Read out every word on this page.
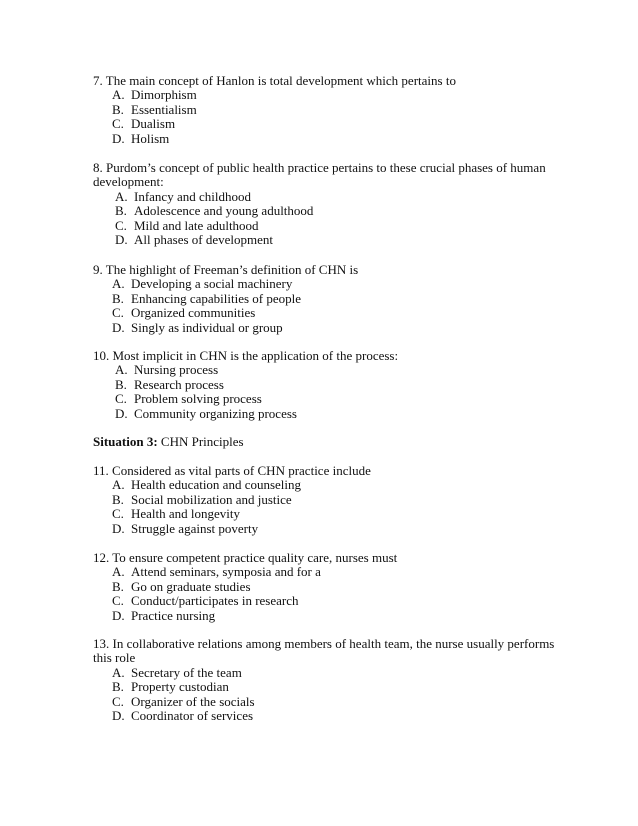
7. The main concept of Hanlon is total development which pertains to

A. Dimorphism
B. Essentialism
C. Dualism
D. Holism

8. Purdom’s concept of public health practice pertains to these crucial phases of human development:

A. Infancy and childhood
B. Adolescence and young adulthood
C. Mild and late adulthood
D. All phases of development

9. The highlight of Freeman’s definition of CHN is

A. Developing a social machinery
B. Enhancing capabilities of people
C. Organized communities
D. Singly as individual or group

10. Most implicit in CHN is the application of the process:

A. Nursing process
B. Research process
C. Problem solving process
D. Community organizing process
Situation 3: CHN Principles

11. Considered as vital parts of CHN practice include

A. Health education and counseling
B. Social mobilization and justice
C. Health and longevity
D. Struggle against poverty

12. To ensure competent practice quality care, nurses must

A. Attend seminars, symposia and for a
B. Go on graduate studies
C. Conduct/participates in research
D. Practice nursing

13. In collaborative relations among members of health team, the nurse usually performs this role

A. Secretary of the team
B. Property custodian
C. Organizer of the socials
D. Coordinator of services
